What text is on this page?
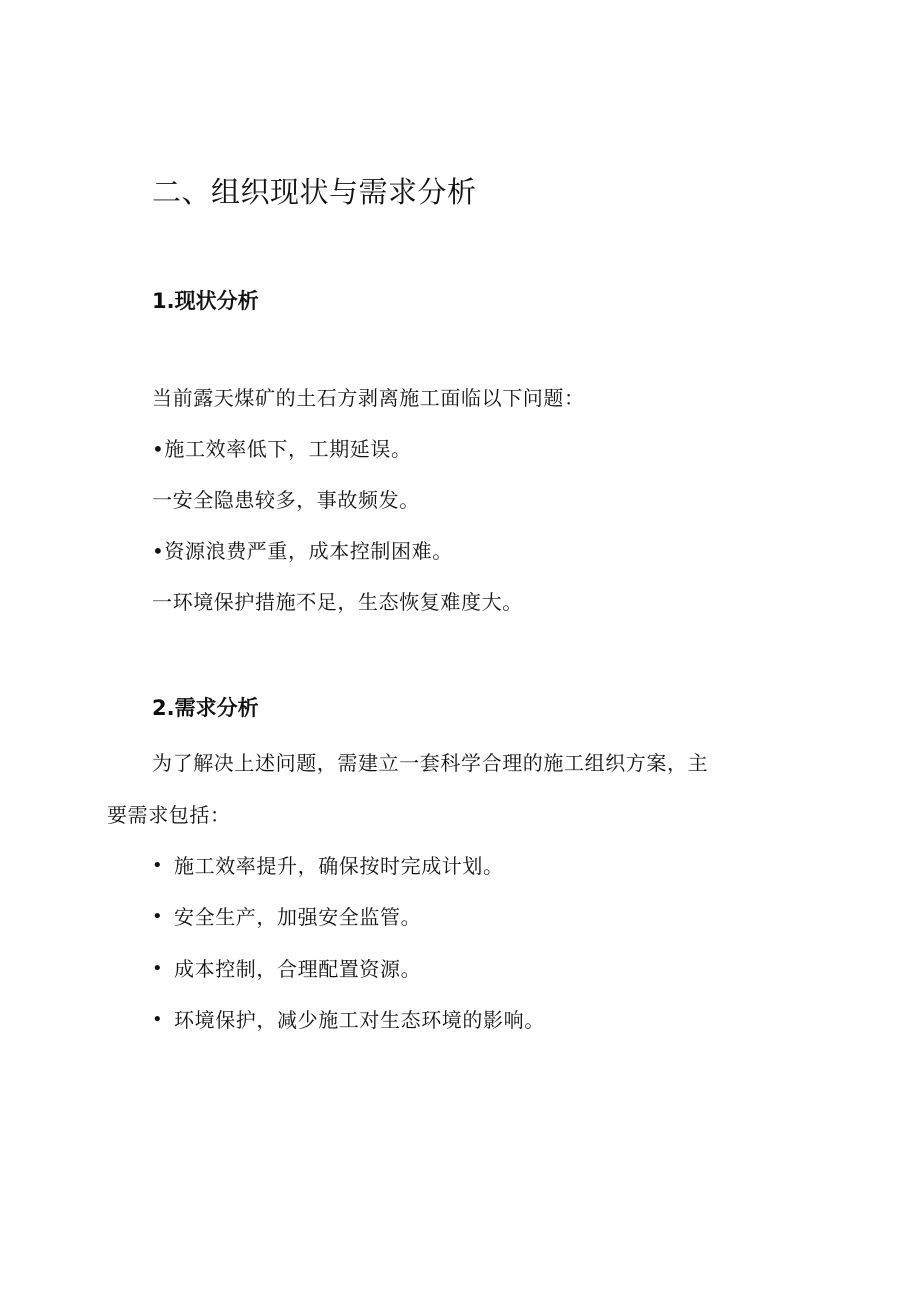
二、组织现状与需求分析
1.现状分析

当前露天煤矿的土石方剥离施工面临以下问题：

•施工效率低下，工期延误。

一安全隐患较多，事故频发。

•资源浪费严重，成本控制困难。

一环境保护措施不足，生态恢复难度大。

2.需求分析

为了解决上述问题，需建立一套科学合理的施工组织方案，主

要需求包括：

• 施工效率提升，确保按时完成计划。
• 安全生产，加强安全监管。
• 成本控制，合理配置资源。
• 环境保护，减少施工对生态环境的影响。
